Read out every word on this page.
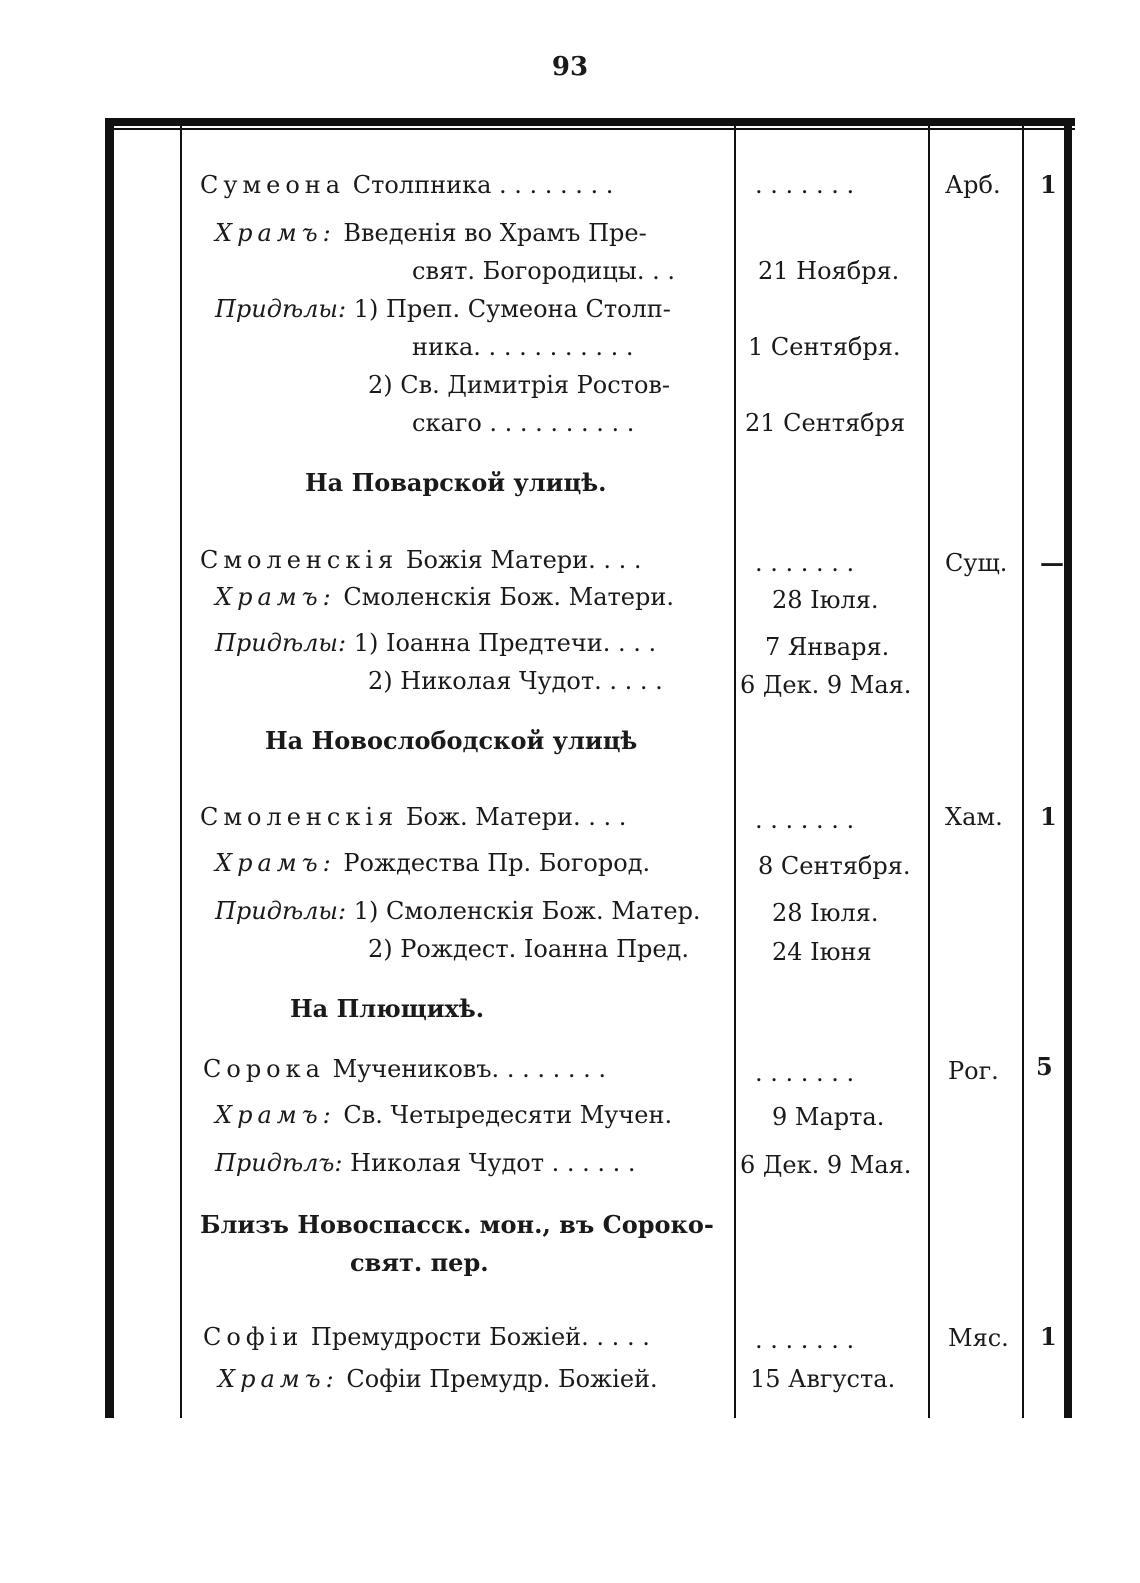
93
Сумеона Столпника . . . . . . . .	. . . . . . .	Арб. 1
Храмъ: Введенія во Храмъ Пре-
свят. Богородицы. . .	21 Ноября.
Придѣлы: 1) Преп. Сумеона Столп-
ника. . . . . . . . . . .	1 Сентября.
2) Св. Димитрія Ростов-
скаго . . . . . . . . . .	21 Сентября
На Поварской улицѣ.
Смоленскія Божія Матери. . . .	. . . . . . .	Сущ. —
Храмъ: Смоленскія Бож. Матери.	28 Іюля.
Придѣлы: 1) Іоанна Предтечи. . . .	7 Января.
2) Николая Чудот. . . . .	6 Дек. 9 Мая.
На Новослободской улицѣ
Смоленскія Бож. Матери. . . .	. . . . . . .	Хам. 1
Храмъ: Рождества Пр. Богород.	8 Сентября.
Придѣлы: 1) Смоленскія Бож. Матер.	28 Іюля.
2) Рождест. Іоанна Пред.	24 Іюня
На Плющихѣ.
Сорока Мучениковъ. . . . . . . .	. . . . . . .	Рог. 5
Храмъ: Св. Четыредесяти Мучен.	9 Марта.
Придѣлъ: Николая Чудот . . . . . .	6 Дек. 9 Мая.
Близъ Новоспасск. мон., въ Сороко-
свят. пер.
Софіи Премудрости Божіей. . . . .	. . . . . . .	Мяс. 1
Храмъ: Софіи Премудр. Божіей.	15 Августа.
